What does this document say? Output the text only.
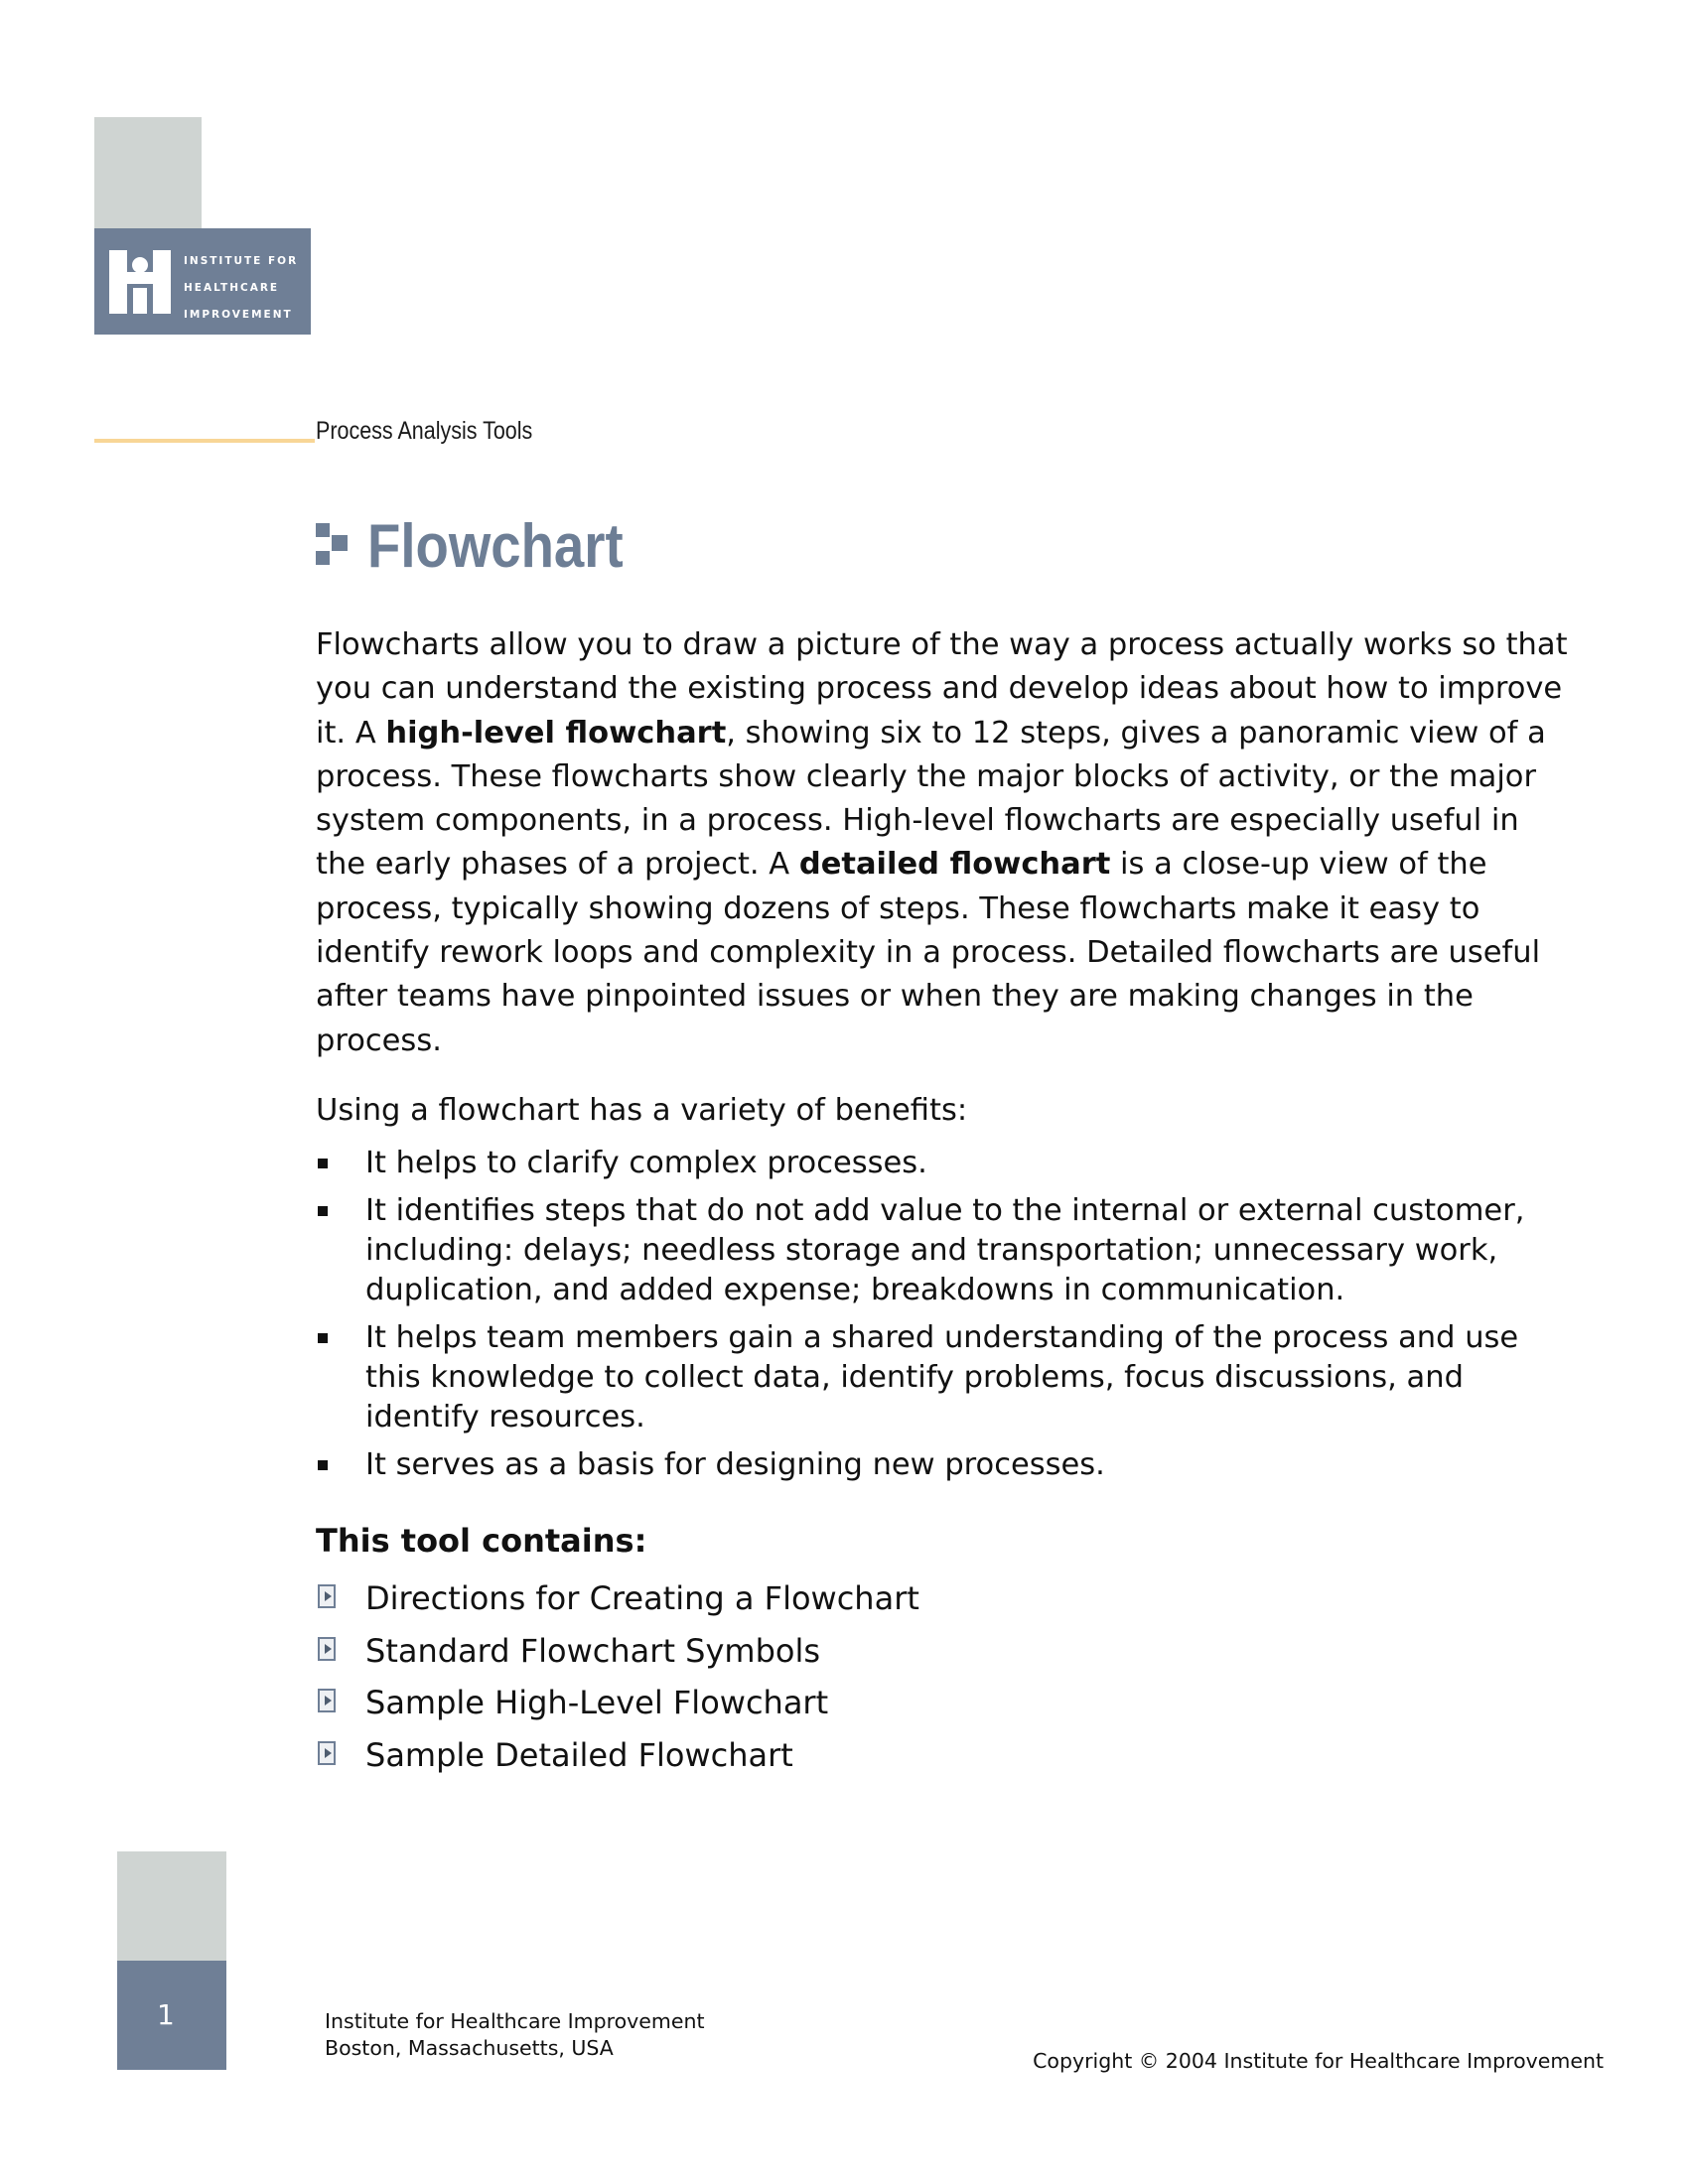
INSTITUTE FOR
HEALTHCARE
IMPROVEMENT
Process Analysis Tools
Flowchart

Flowcharts allow you to draw a picture of the way a process actually works so that you can understand the existing process and develop ideas about how to improve it. A high-level flowchart, showing six to 12 steps, gives a panoramic view of a process. These flowcharts show clearly the major blocks of activity, or the major system components, in a process. High-level flowcharts are especially useful in the early phases of a project. A detailed flowchart is a close-up view of the process, typically showing dozens of steps. These flowcharts make it easy to identify rework loops and complexity in a process. Detailed flowcharts are useful after teams have pinpointed issues or when they are making changes in the process.

Using a flowchart has a variety of benefits:

It helps to clarify complex processes.
It identifies steps that do not add value to the internal or external customer, including: delays; needless storage and transportation; unnecessary work, duplication, and added expense; breakdowns in communication.
It helps team members gain a shared understanding of the process and use this knowledge to collect data, identify problems, focus discussions, and identify resources.
It serves as a basis for designing new processes.
This tool contains:
Directions for Creating a Flowchart
Standard Flowchart Symbols
Sample High-Level Flowchart
Sample Detailed Flowchart
1	Institute for Healthcare Improvement
Boston, Massachusetts, USA
Copyright © 2004 Institute for Healthcare Improvement
